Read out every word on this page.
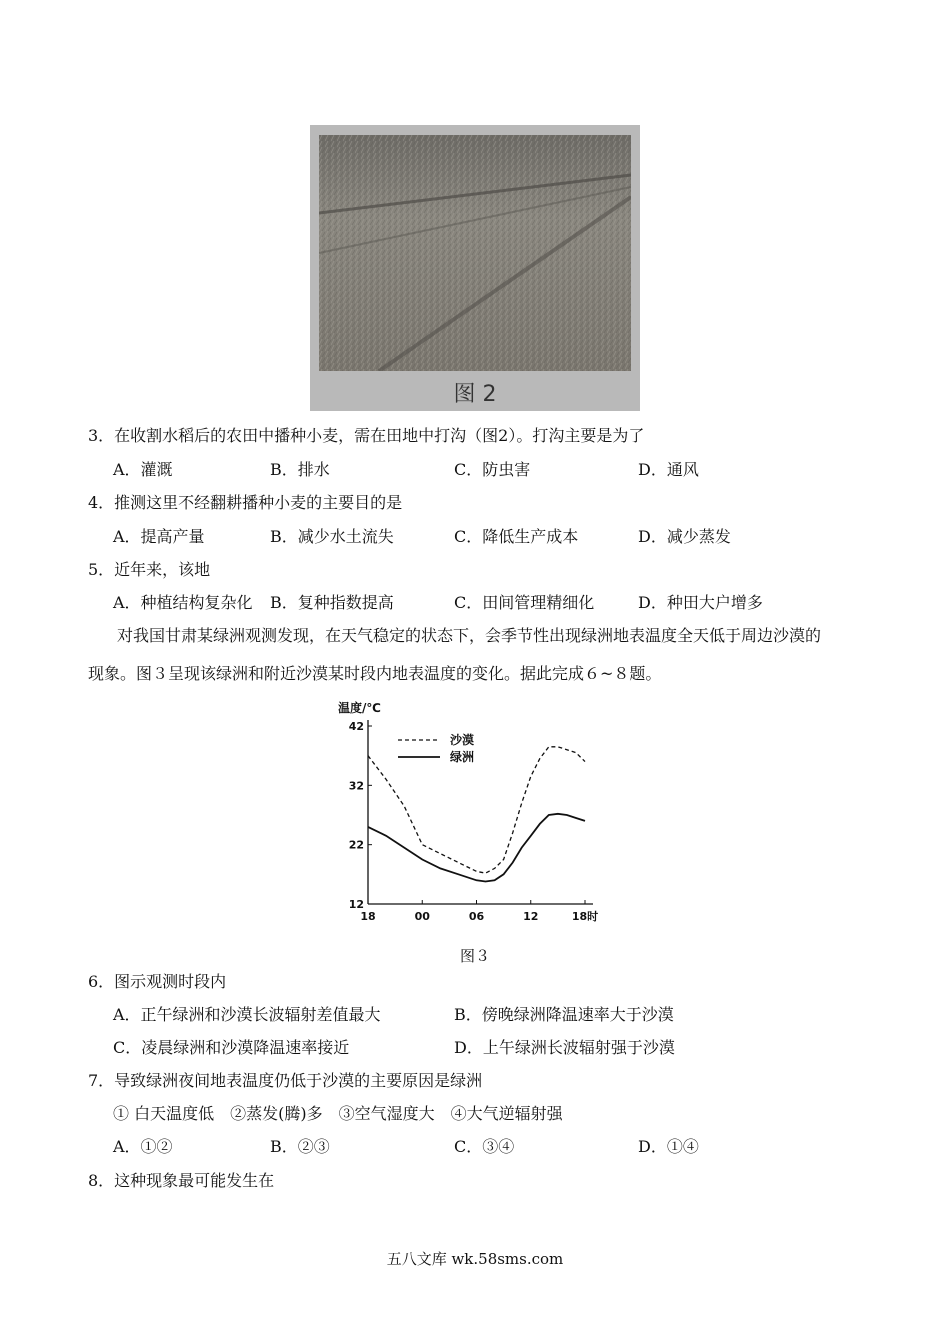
图 2
3．在收割水稻后的农田中播种小麦，需在田地中打沟（图2）。打沟主要是为了
A．灌溉	B．排水	C．防虫害	D．通风
4．推测这里不经翻耕播种小麦的主要目的是
A．提高产量	B．减少水土流失	C．降低生产成本	D．减少蒸发
5．近年来，该地
A．种植结构复杂化 B．复种指数提高	C．田间管理精细化	D．种田大户增多
对我国甘肃某绿洲观测发现，在天气稳定的状态下，会季节性出现绿洲地表温度全天低于周边沙漠的
现象。图３呈现该绿洲和附近沙漠某时段内地表温度的变化。据此完成６~８题。
温度/℃
12
22
32
42
18	00	06	12	18时
沙漠
绿洲
图３
6．图示观测时段内
A．正午绿洲和沙漠长波辐射差值最大	B．傍晚绿洲降温速率大于沙漠
C．凌晨绿洲和沙漠降温速率接近	D．上午绿洲长波辐射强于沙漠
7．导致绿洲夜间地表温度仍低于沙漠的主要原因是绿洲
① 白天温度低　②蒸发(腾)多　③空气湿度大　④大气逆辐射强
A．①②	B．②③	C．③④	D．①④
8．这种现象最可能发生在
五八文库 wk.58sms.com
